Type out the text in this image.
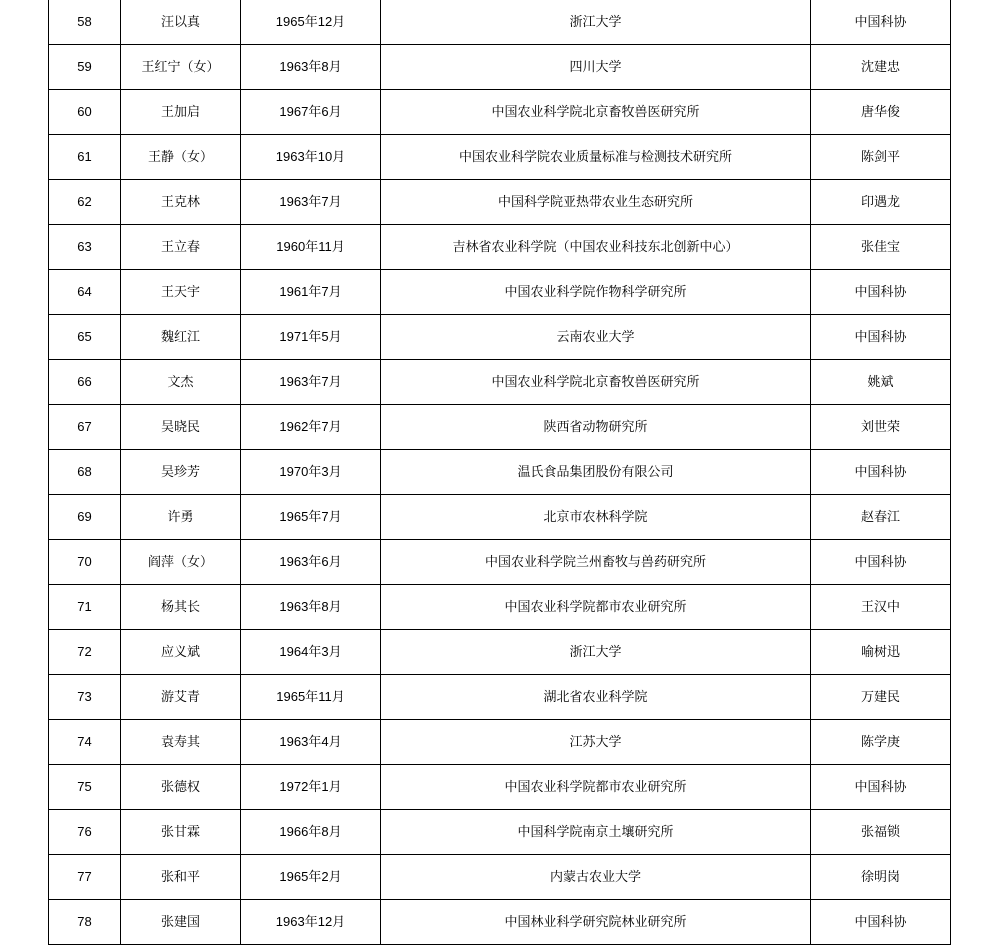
58	汪以真	1965年12月	浙江大学	中国科协
59	王红宁（女）	1963年8月	四川大学	沈建忠
60	王加启	1967年6月	中国农业科学院北京畜牧兽医研究所	唐华俊
61	王静（女）	1963年10月	中国农业科学院农业质量标准与检测技术研究所	陈剑平
62	王克林	1963年7月	中国科学院亚热带农业生态研究所	印遇龙
63	王立春	1960年11月	吉林省农业科学院（中国农业科技东北创新中心）	张佳宝
64	王天宇	1961年7月	中国农业科学院作物科学研究所	中国科协
65	魏红江	1971年5月	云南农业大学	中国科协
66	文杰	1963年7月	中国农业科学院北京畜牧兽医研究所	姚斌
67	吴晓民	1962年7月	陕西省动物研究所	刘世荣
68	吴珍芳	1970年3月	温氏食品集团股份有限公司	中国科协
69	许勇	1965年7月	北京市农林科学院	赵春江
70	阎萍（女）	1963年6月	中国农业科学院兰州畜牧与兽药研究所	中国科协
71	杨其长	1963年8月	中国农业科学院都市农业研究所	王汉中
72	应义斌	1964年3月	浙江大学	喻树迅
73	游艾青	1965年11月	湖北省农业科学院	万建民
74	袁寿其	1963年4月	江苏大学	陈学庚
75	张德权	1972年1月	中国农业科学院都市农业研究所	中国科协
76	张甘霖	1966年8月	中国科学院南京土壤研究所	张福锁
77	张和平	1965年2月	内蒙古农业大学	徐明岗
78	张建国	1963年12月	中国林业科学研究院林业研究所	中国科协
